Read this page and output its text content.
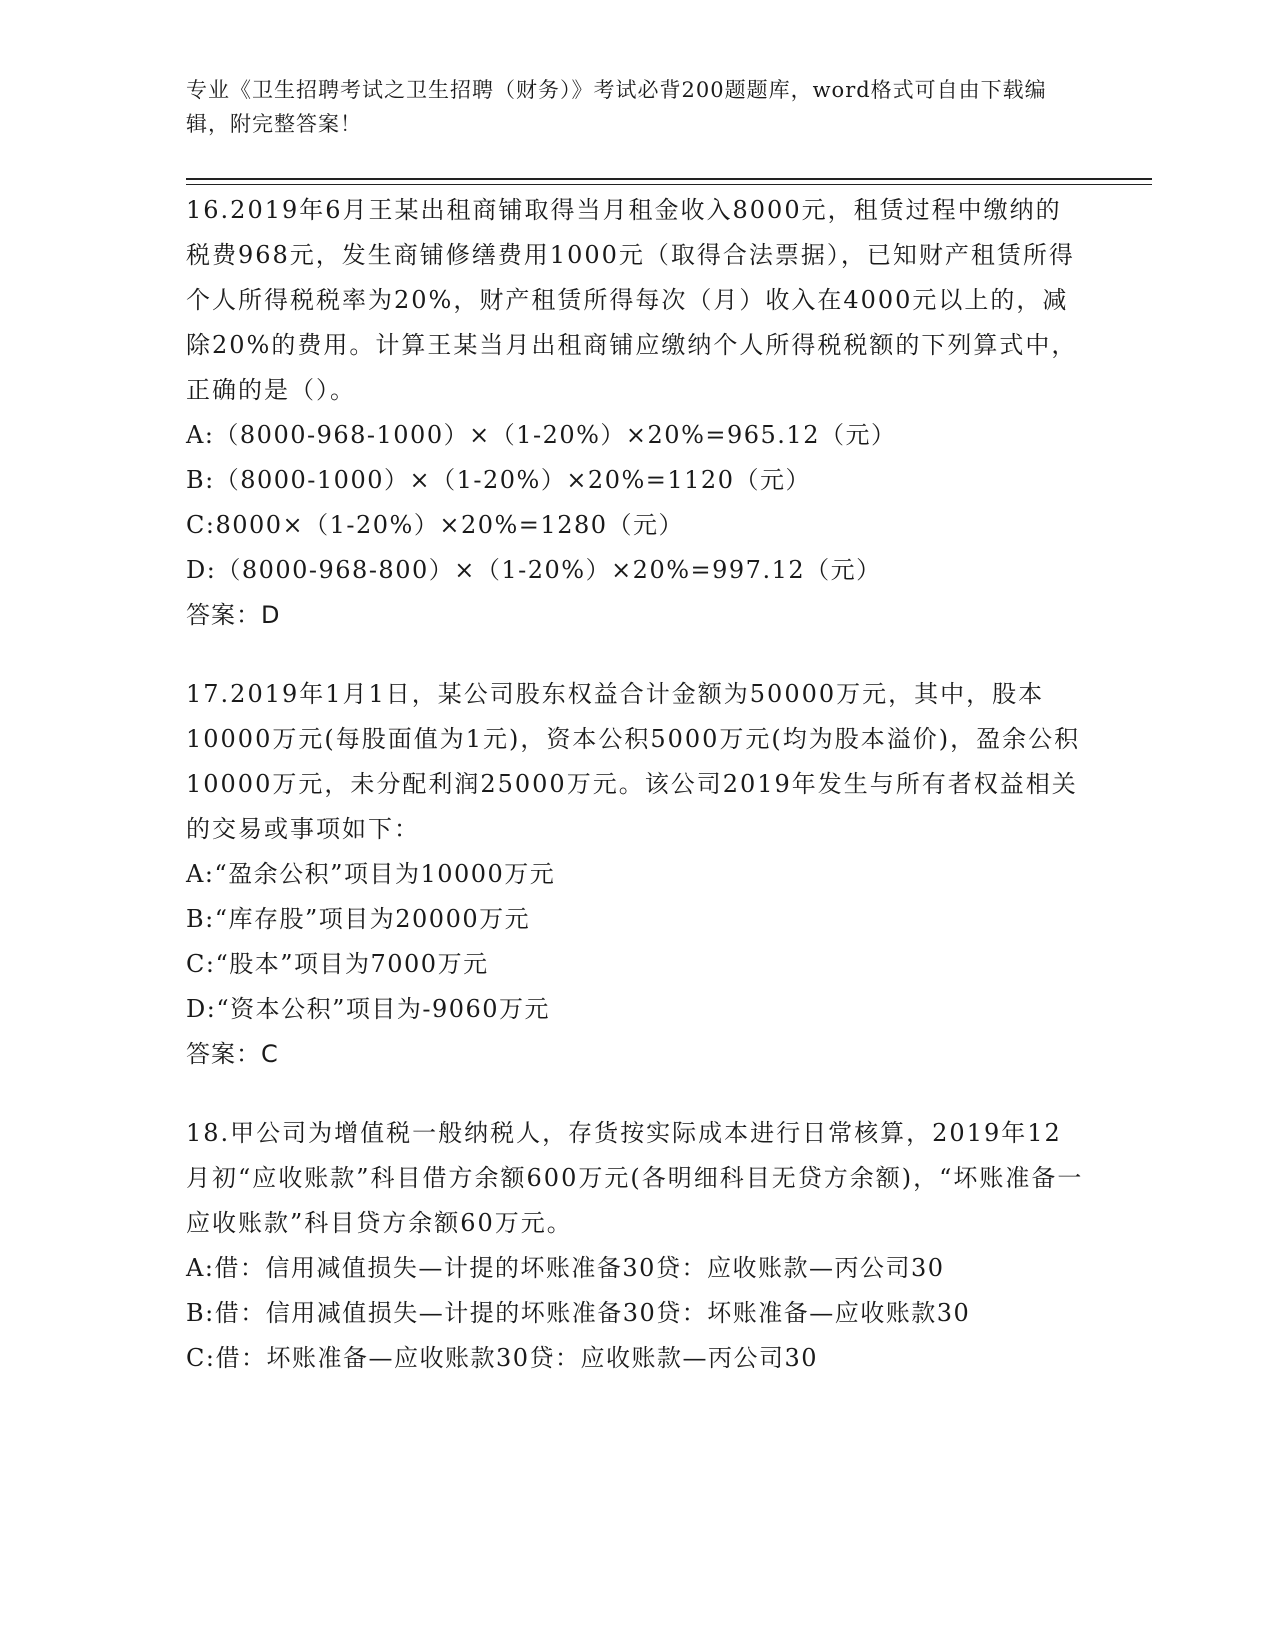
专业《卫生招聘考试之卫生招聘（财务）》考试必背200题题库，word格式可自由下载编辑，附完整答案！
16.2019年6月王某出租商铺取得当月租金收入8000元，租赁过程中缴纳的税费968元，发生商铺修缮费用1000元（取得合法票据），已知财产租赁所得个人所得税税率为20%，财产租赁所得每次（月）收入在4000元以上的，减除20%的费用。计算王某当月出租商铺应缴纳个人所得税税额的下列算式中，正确的是（）。
A:（8000-968-1000）×（1-20%）×20%=965.12（元）
B:（8000-1000）×（1-20%）×20%=1120（元）
C:8000×（1-20%）×20%=1280（元）
D:（8000-968-800）×（1-20%）×20%=997.12（元）
答案：D
17.2019年1月1日，某公司股东权益合计金额为50000万元，其中，股本10000万元(每股面值为1元)，资本公积5000万元(均为股本溢价)，盈余公积10000万元，未分配利润25000万元。该公司2019年发生与所有者权益相关的交易或事项如下：
A:“盈余公积”项目为10000万元
B:“库存股”项目为20000万元
C:“股本”项目为7000万元
D:“资本公积”项目为-9060万元
答案：C
18.甲公司为增值税一般纳税人，存货按实际成本进行日常核算，2019年12月初“应收账款”科目借方余额600万元(各明细科目无贷方余额)，“坏账准备一应收账款”科目贷方余额60万元。
A:借：信用减值损失—计提的坏账准备30贷：应收账款—丙公司30
B:借：信用减值损失—计提的坏账准备30贷：坏账准备—应收账款30
C:借：坏账准备—应收账款30贷：应收账款—丙公司30
